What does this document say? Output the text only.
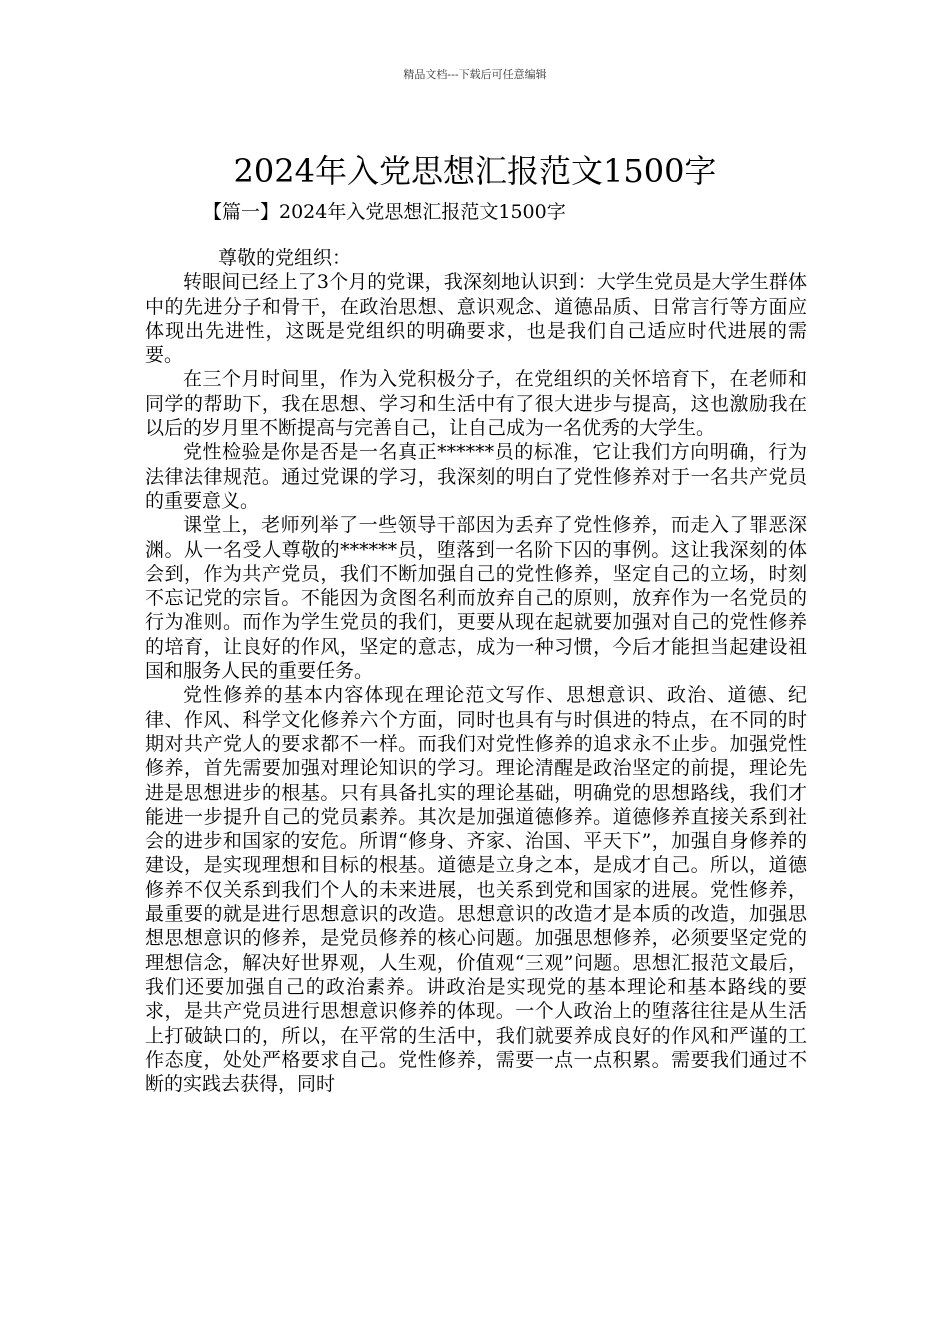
精品文档---下载后可任意编辑
2024年入党思想汇报范文1500字
【篇一】2024年入党思想汇报范文1500字

尊敬的党组织：

转眼间已经上了3个月的党课，我深刻地认识到：大学生党员是大学生群体中的先进分子和骨干，在政治思想、意识观念、道德品质、日常言行等方面应体现出先进性，这既是党组织的明确要求，也是我们自己适应时代进展的需要。

在三个月时间里，作为入党积极分子，在党组织的关怀培育下，在老师和同学的帮助下，我在思想、学习和生活中有了很大进步与提高，这也激励我在以后的岁月里不断提高与完善自己，让自己成为一名优秀的大学生。

党性检验是你是否是一名真正******员的标准，它让我们方向明确，行为法律法律规范。通过党课的学习，我深刻的明白了党性修养对于一名共产党员的重要意义。

课堂上，老师列举了一些领导干部因为丢弃了党性修养，而走入了罪恶深渊。从一名受人尊敬的******员，堕落到一名阶下囚的事例。这让我深刻的体会到，作为共产党员，我们不断加强自己的党性修养，坚定自己的立场，时刻不忘记党的宗旨。不能因为贪图名利而放弃自己的原则，放弃作为一名党员的行为准则。而作为学生党员的我们，更要从现在起就要加强对自己的党性修养的培育，让良好的作风，坚定的意志，成为一种习惯，今后才能担当起建设祖国和服务人民的重要任务。

党性修养的基本内容体现在理论范文写作、思想意识、政治、道德、纪律、作风、科学文化修养六个方面，同时也具有与时俱进的特点，在不同的时期对共产党人的要求都不一样。而我们对党性修养的追求永不止步。加强党性修养，首先需要加强对理论知识的学习。理论清醒是政治坚定的前提，理论先进是思想进步的根基。只有具备扎实的理论基础，明确党的思想路线，我们才能进一步提升自己的党员素养。其次是加强道德修养。道德修养直接关系到社会的进步和国家的安危。所谓“修身、齐家、治国、平天下”，加强自身修养的建设，是实现理想和目标的根基。道德是立身之本，是成才自己。所以，道德修养不仅关系到我们个人的未来进展，也关系到党和国家的进展。党性修养，最重要的就是进行思想意识的改造。思想意识的改造才是本质的改造，加强思想思想意识的修养，是党员修养的核心问题。加强思想修养，必须要坚定党的理想信念，解决好世界观，人生观，价值观“三观”问题。思想汇报范文最后，我们还要加强自己的政治素养。讲政治是实现党的基本理论和基本路线的要求，是共产党员进行思想意识修养的体现。一个人政治上的堕落往往是从生活上打破缺口的，所以，在平常的生活中，我们就要养成良好的作风和严谨的工作态度，处处严格要求自己。党性修养，需要一点一点积累。需要我们通过不断的实践去获得，同时
